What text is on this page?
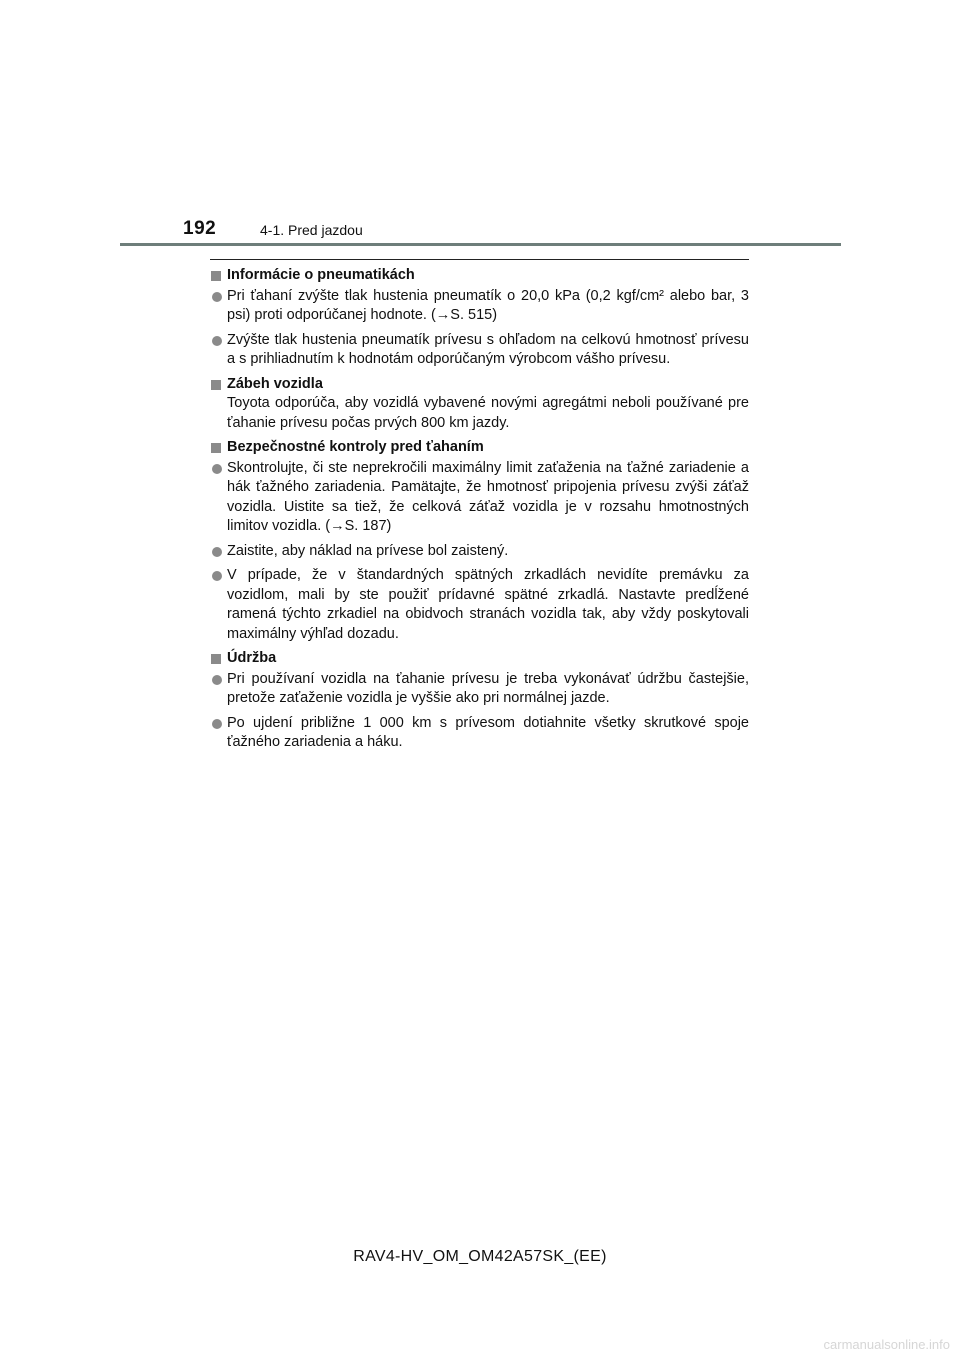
192	4-1. Pred jazdou
Informácie o pneumatikách
Pri ťahaní zvýšte tlak hustenia pneumatík o 20,0 kPa (0,2 kgf/cm² alebo bar, 3 psi) proti odporúčanej hodnote. (→S. 515)
Zvýšte tlak hustenia pneumatík prívesu s ohľadom na celkovú hmotnosť prívesu a s prihliadnutím k hodnotám odporúčaným výrobcom vášho prívesu.
Zábeh vozidla
Toyota odporúča, aby vozidlá vybavené novými agregátmi neboli používané pre ťahanie prívesu počas prvých 800 km jazdy.
Bezpečnostné kontroly pred ťahaním
Skontrolujte, či ste neprekročili maximálny limit zaťaženia na ťažné zariadenie a hák ťažného zariadenia. Pamätajte, že hmotnosť pripojenia prívesu zvýši záťaž vozidla. Uistite sa tiež, že celková záťaž vozidla je v rozsahu hmotnostných limitov vozidla. (→S. 187)
Zaistite, aby náklad na prívese bol zaistený.
V prípade, že v štandardných spätných zrkadlách nevidíte premávku za vozidlom, mali by ste použiť prídavné spätné zrkadlá. Nastavte predĺžené ramená týchto zrkadiel na obidvoch stranách vozidla tak, aby vždy poskytovali maximálny výhľad dozadu.
Údržba
Pri používaní vozidla na ťahanie prívesu je treba vykonávať údržbu častejšie, pretože zaťaženie vozidla je vyššie ako pri normálnej jazde.
Po ujdení približne 1 000 km s prívesom dotiahnite všetky skrutkové spoje ťažného zariadenia a háku.
RAV4-HV_OM_OM42A57SK_(EE)
carmanualsonline.info
